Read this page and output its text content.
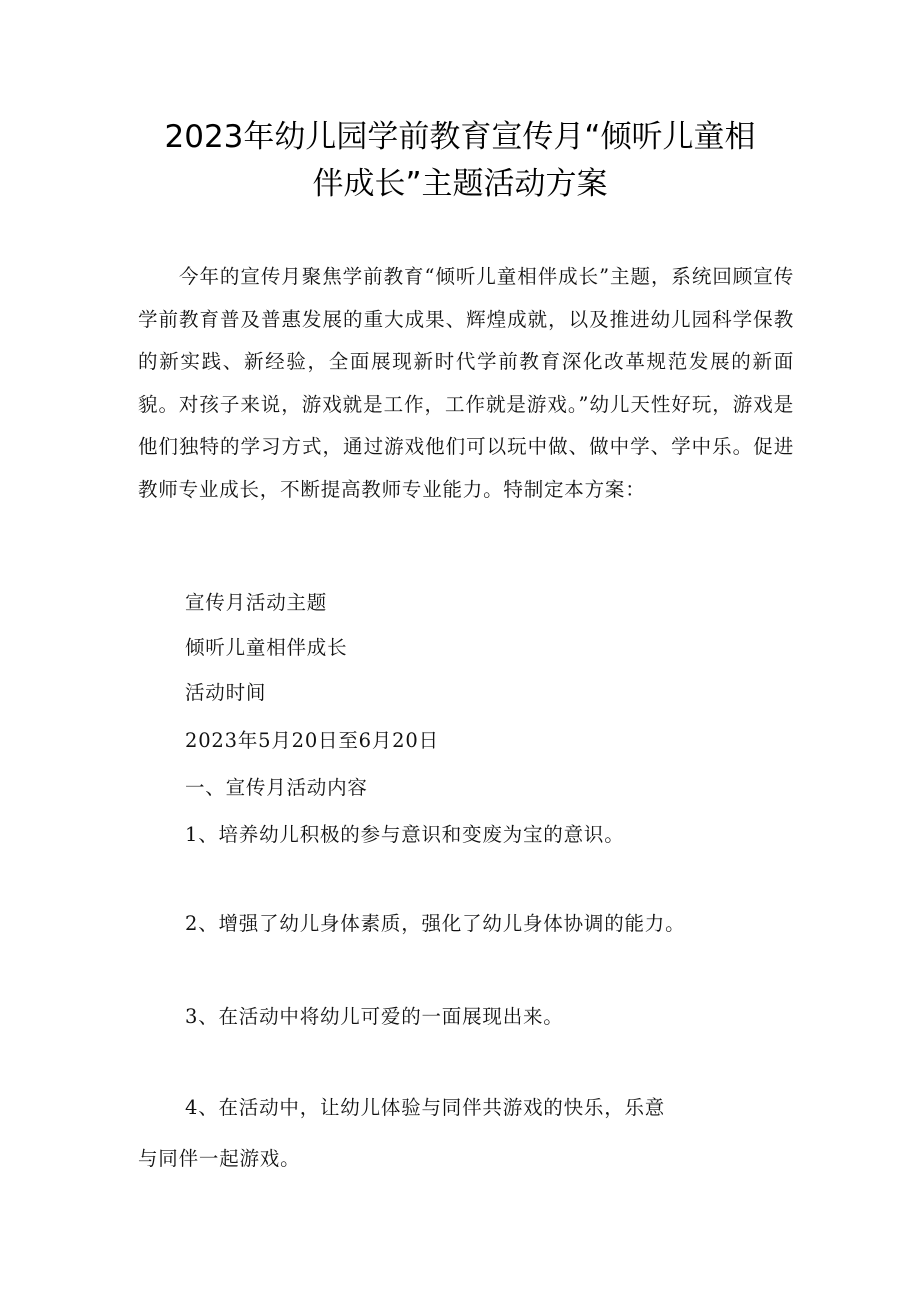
2023年幼儿园学前教育宣传月“倾听儿童相
伴成长”主题活动方案
今年的宣传月聚焦学前教育“倾听儿童相伴成长”主题，系统回顾宣传学前教育普及普惠发展的重大成果、辉煌成就，以及推进幼儿园科学保教的新实践、新经验，全面展现新时代学前教育深化改革规范发展的新面貌。对孩子来说，游戏就是工作，工作就是游戏。”幼儿天性好玩，游戏是他们独特的学习方式，通过游戏他们可以玩中做、做中学、学中乐。促进教师专业成长，不断提高教师专业能力。特制定本方案：
宣传月活动主题
倾听儿童相伴成长
活动时间
2023年5月20日至6月20日
一、宣传月活动内容
1、培养幼儿积极的参与意识和变废为宝的意识。
2、增强了幼儿身体素质，强化了幼儿身体协调的能力。
3、在活动中将幼儿可爱的一面展现出来。
4、在活动中，让幼儿体验与同伴共游戏的快乐，乐意
与同伴一起游戏。
